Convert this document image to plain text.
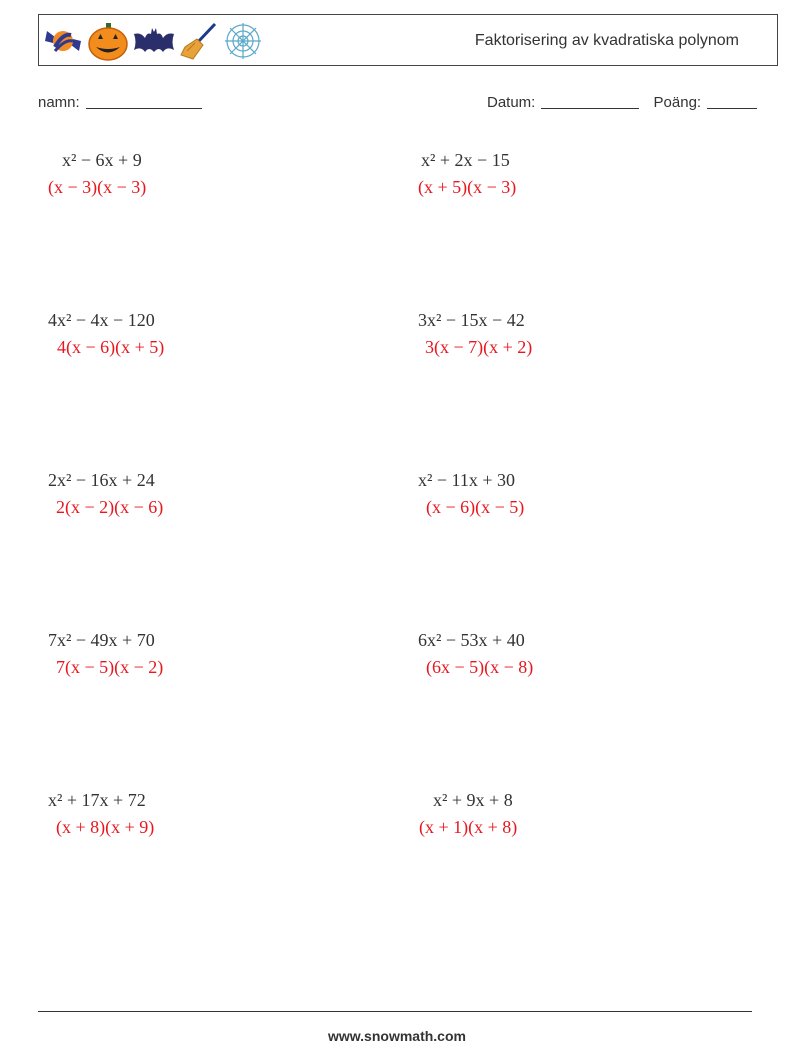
Faktorisering av kvadratiska polynom
namn:	Datum:	Poäng:
x² − 6x + 9
(x − 3)(x − 3)
x² + 2x − 15
(x + 5)(x − 3)
4x² − 4x − 120
4(x − 6)(x + 5)
3x² − 15x − 42
3(x − 7)(x + 2)
2x² − 16x + 24
2(x − 2)(x − 6)
x² − 11x + 30
(x − 6)(x − 5)
7x² − 49x + 70
7(x − 5)(x − 2)
6x² − 53x + 40
(6x − 5)(x − 8)
x² + 17x + 72
(x + 8)(x + 9)
x² + 9x + 8
(x + 1)(x + 8)
www.snowmath.com
